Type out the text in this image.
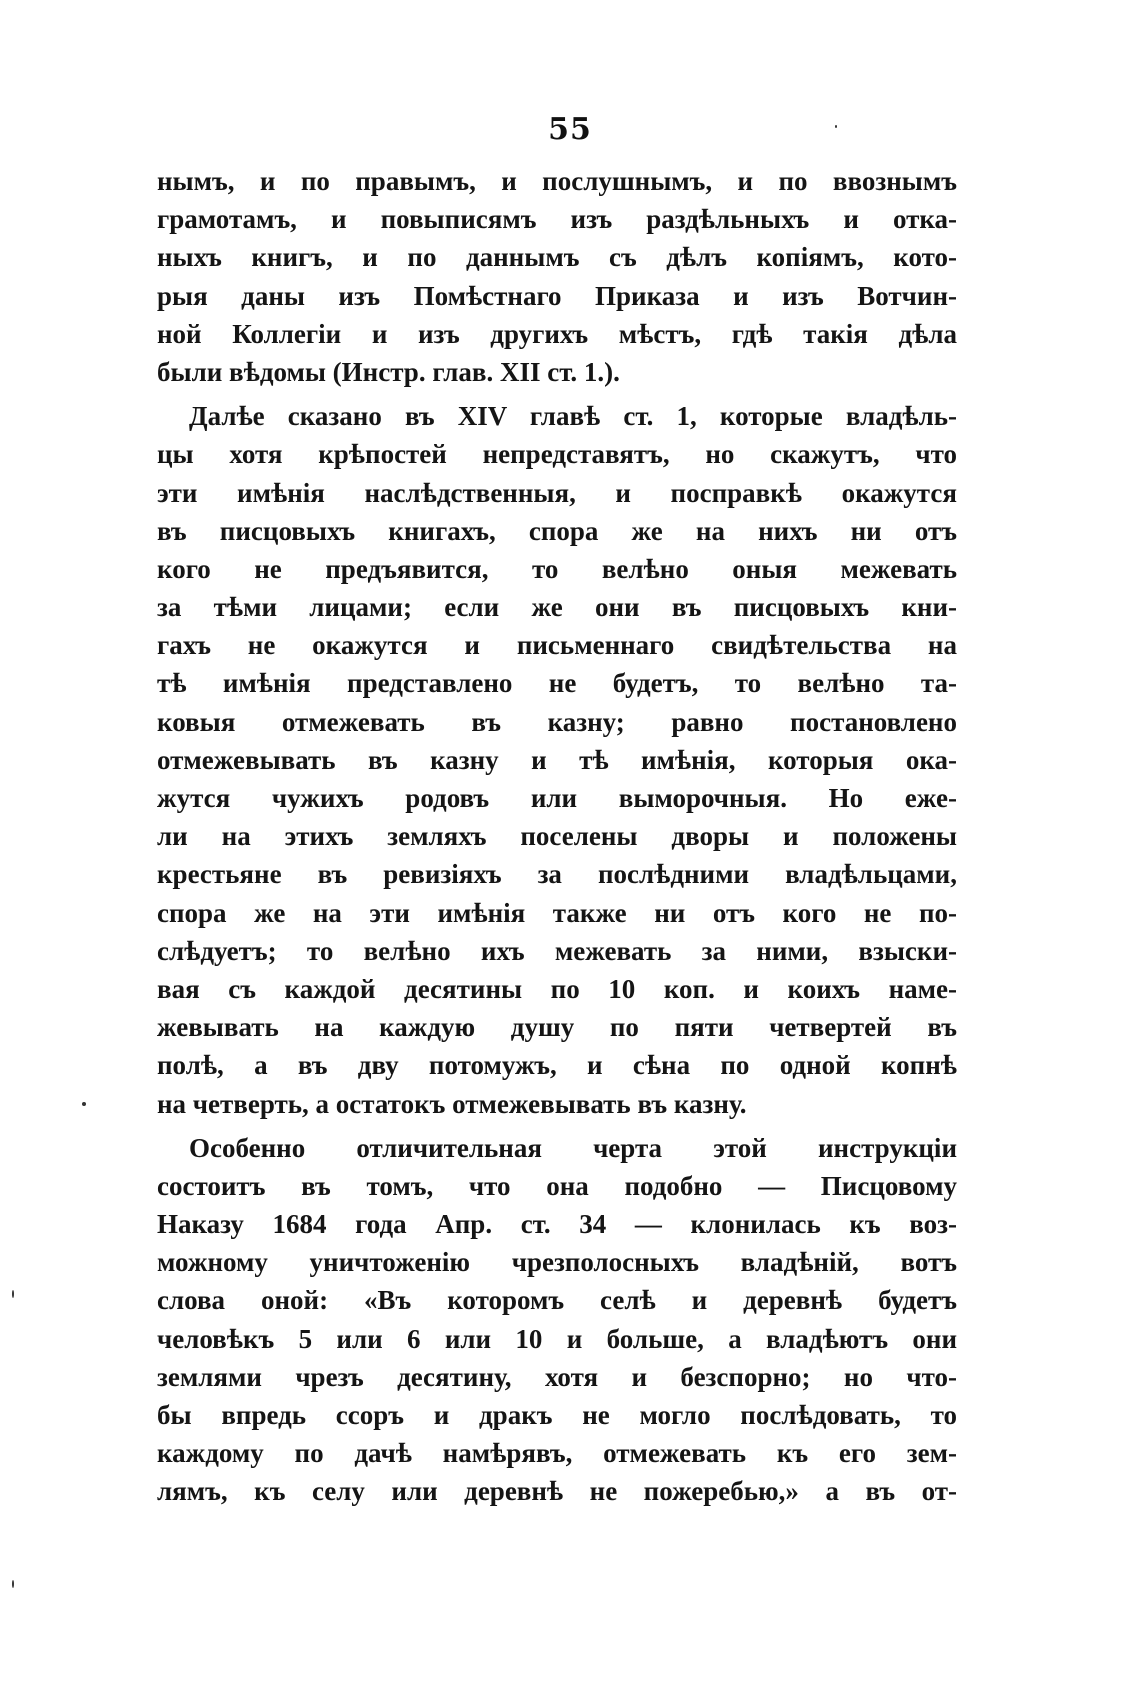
55
нымъ, и по правымъ, и послушнымъ, и по ввознымъ
грамотамъ, и повыписямъ изъ раздѣльныхъ и отка-
ныхъ книгъ, и по даннымъ съ дѣлъ копіямъ, кото-
рыя даны изъ Помѣстнаго Приказа и изъ Вотчин-
ной Коллегіи и изъ другихъ мѣстъ, гдѣ такія дѣла
были вѣдомы (Инстр. глав. XII ст. 1.).
Далѣе сказано въ XIV главѣ ст. 1, которые владѣль-
цы хотя крѣпостей непредставятъ, но скажутъ, что
эти имѣнія наслѣдственныя, и посправкѣ окажутся
въ писцовыхъ книгахъ, спора же на нихъ ни отъ
кого не предъявится, то велѣно оныя межевать
за тѣми лицами; если же они въ писцовыхъ кни-
гахъ не окажутся и письменнаго свидѣтельства на
тѣ имѣнія представлено не будетъ, то велѣно та-
ковыя отмежевать въ казну; равно постановлено
отмежевывать въ казну и тѣ имѣнія, которыя ока-
жутся чужихъ родовъ или выморочныя. Но еже-
ли на этихъ земляхъ поселены дворы и положены
крестьяне въ ревизіяхъ за послѣдними владѣльцами,
спора же на эти имѣнія также ни отъ кого не по-
слѣдуетъ; то велѣно ихъ межевать за ними, взыски-
вая съ каждой десятины по 10 коп. и коихъ наме-
жевывать на каждую душу по пяти четвертей въ
полѣ, а въ дву потомужъ, и сѣна по одной копнѣ
на четверть, а остатокъ отмежевывать въ казну.
Особенно отличительная черта этой инструкціи
состоитъ въ томъ, что она подобно — Писцовому
Наказу 1684 года Апр. ст. 34 — клонилась къ воз-
можному уничтоженію чрезполосныхъ владѣній, вотъ
слова оной: «Въ которомъ селѣ и деревнѣ будетъ
человѣкъ 5 или 6 или 10 и больше, а владѣютъ они
землями чрезъ десятину, хотя и безспорно; но что-
бы впредь ссоръ и дракъ не могло послѣдовать, то
каждому по дачѣ намѣрявъ, отмежевать къ его зем-
лямъ, къ селу или деревнѣ не пожеребью,» а въ от-
